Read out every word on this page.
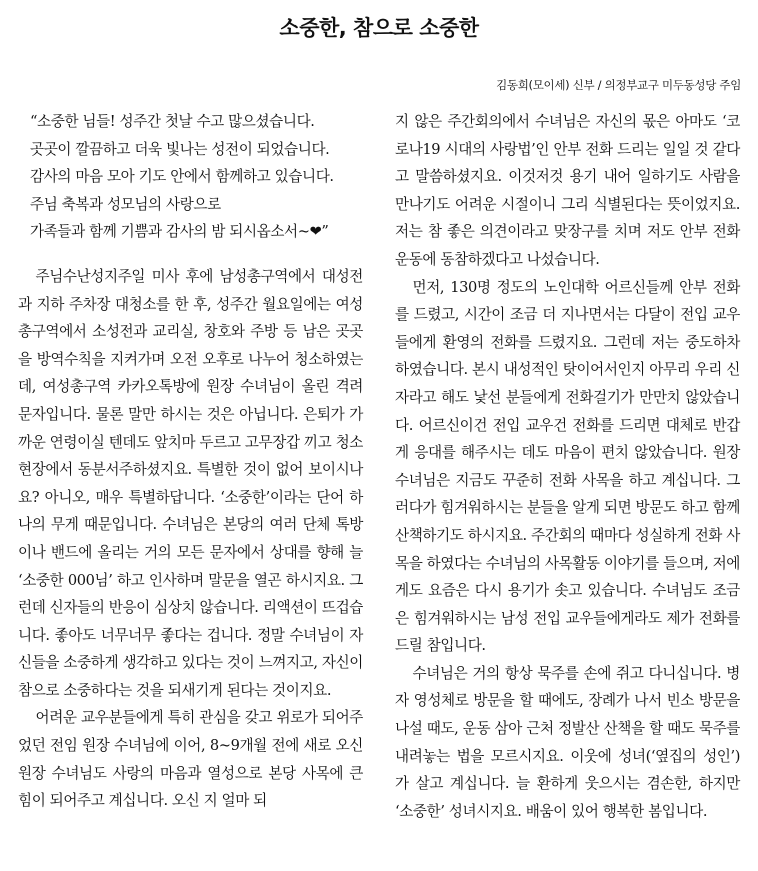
소중한, 참으로 소중한
김동희(모이세) 신부 / 의정부교구 미두동성당 주임
“소중한 님들! 성주간 첫날 수고 많으셨습니다.
곳곳이 깔끔하고 더욱 빛나는 성전이 되었습니다.
감사의 마음 모아 기도 안에서 함께하고 있습니다.
주님 축복과 성모님의 사랑으로
가족들과 함께 기쁨과 감사의 밤 되시옵소서~❤”

주님수난성지주일 미사 후에 남성총구역에서 대성전과 지하 주차장 대청소를 한 후, 성주간 월요일에는 여성총구역에서 소성전과 교리실, 창호와 주방 등 남은 곳곳을 방역수칙을 지켜가며 오전 오후로 나누어 청소하였는데, 여성총구역 카카오톡방에 원장 수녀님이 올린 격려 문자입니다. 물론 말만 하시는 것은 아닙니다. 은퇴가 가까운 연령이실 텐데도 앞치마 두르고 고무장갑 끼고 청소 현장에서 동분서주하셨지요. 특별한 것이 없어 보이시나요? 아니오, 매우 특별하답니다. ‘소중한’이라는 단어 하나의 무게 때문입니다. 수녀님은 본당의 여러 단체 톡방이나 밴드에 올리는 거의 모든 문자에서 상대를 향해 늘 ‘소중한 000님’ 하고 인사하며 말문을 열곤 하시지요. 그런데 신자들의 반응이 심상치 않습니다. 리액션이 뜨겁습니다. 좋아도 너무너무 좋다는 겁니다. 정말 수녀님이 자신들을 소중하게 생각하고 있다는 것이 느껴지고, 자신이 참으로 소중하다는 것을 되새기게 된다는 것이지요.

어려운 교우분들에게 특히 관심을 갖고 위로가 되어주었던 전임 원장 수녀님에 이어, 8~9개월 전에 새로 오신 원장 수녀님도 사랑의 마음과 열성으로 본당 사목에 큰 힘이 되어주고 계십니다. 오신 지 얼마 되

지 않은 주간회의에서 수녀님은 자신의 몫은 아마도 ‘코로나19 시대의 사랑법’인 안부 전화 드리는 일일 것 같다고 말씀하셨지요. 이것저것 용기 내어 일하기도 사람을 만나기도 어려운 시절이니 그리 식별된다는 뜻이었지요. 저는 참 좋은 의견이라고 맞장구를 치며 저도 안부 전화 운동에 동참하겠다고 나섰습니다.

먼저, 130명 정도의 노인대학 어르신들께 안부 전화를 드렸고, 시간이 조금 더 지나면서는 다달이 전입 교우들에게 환영의 전화를 드렸지요. 그런데 저는 중도하차 하였습니다. 본시 내성적인 탓이어서인지 아무리 우리 신자라고 해도 낯선 분들에게 전화걸기가 만만치 않았습니다. 어르신이건 전입 교우건 전화를 드리면 대체로 반갑게 응대를 해주시는 데도 마음이 편치 않았습니다. 원장 수녀님은 지금도 꾸준히 전화 사목을 하고 계십니다. 그러다가 힘겨워하시는 분들을 알게 되면 방문도 하고 함께 산책하기도 하시지요. 주간회의 때마다 성실하게 전화 사목을 하였다는 수녀님의 사목활동 이야기를 들으며, 저에게도 요즘은 다시 용기가 솟고 있습니다. 수녀님도 조금은 힘겨워하시는 남성 전입 교우들에게라도 제가 전화를 드릴 참입니다.

수녀님은 거의 항상 묵주를 손에 쥐고 다니십니다. 병자 영성체로 방문을 할 때에도, 장례가 나서 빈소 방문을 나설 때도, 운동 삼아 근처 정발산 산책을 할 때도 묵주를 내려놓는 법을 모르시지요. 이웃에 성녀(‘옆집의 성인’)가 살고 계십니다. 늘 환하게 웃으시는 겸손한, 하지만 ‘소중한’ 성녀시지요. 배움이 있어 행복한 봄입니다.
